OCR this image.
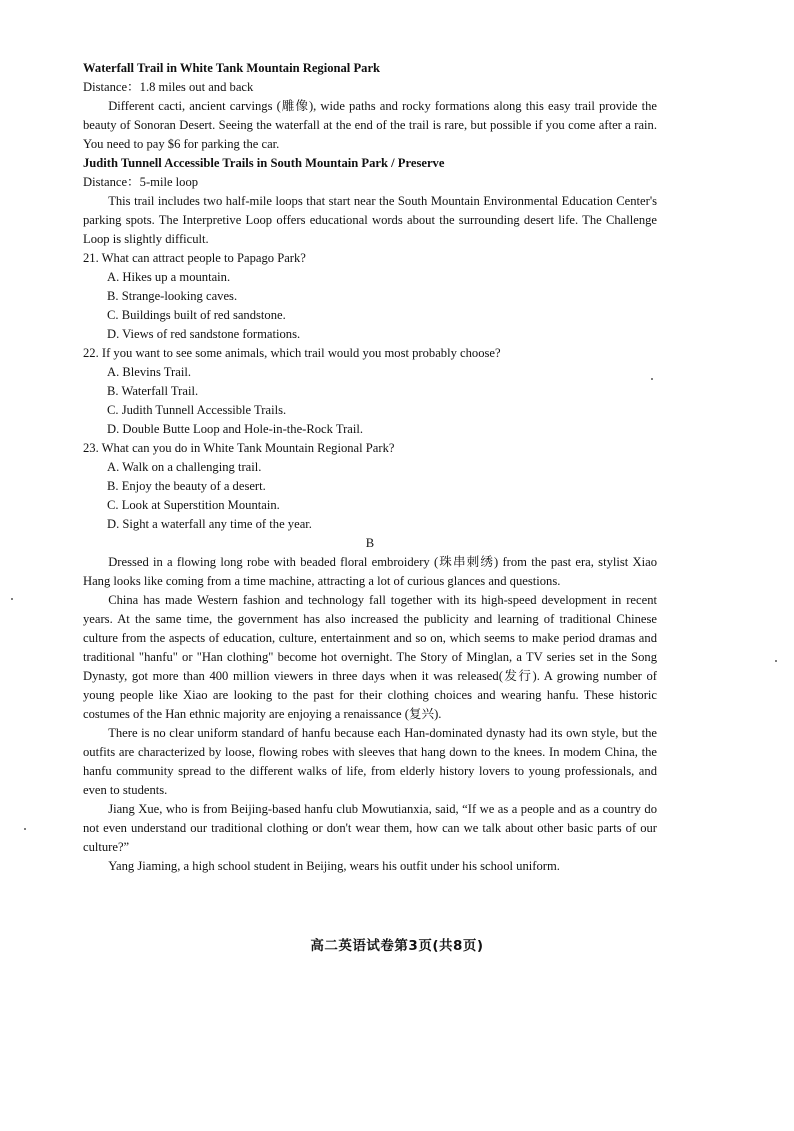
Waterfall Trail in White Tank Mountain Regional Park

Distance：1.8 miles out and back

Different cacti, ancient carvings (雕像), wide paths and rocky formations along this easy trail provide the beauty of Sonoran Desert. Seeing the waterfall at the end of the trail is rare, but possible if you come after a rain. You need to pay $6 for parking the car.

Judith Tunnell Accessible Trails in South Mountain Park / Preserve

Distance：5-mile loop

This trail includes two half-mile loops that start near the South Mountain Environmental Education Center's parking spots. The Interpretive Loop offers educational words about the surrounding desert life. The Challenge Loop is slightly difficult.

21. What can attract people to Papago Park?

A. Hikes up a mountain.
B. Strange-looking caves.
C. Buildings built of red sandstone.
D. Views of red sandstone formations.

22. If you want to see some animals, which trail would you most probably choose?

A. Blevins Trail.
B. Waterfall Trail.
C. Judith Tunnell Accessible Trails.
D. Double Butte Loop and Hole-in-the-Rock Trail.

23. What can you do in White Tank Mountain Regional Park?

A. Walk on a challenging trail.
B. Enjoy the beauty of a desert.
C. Look at Superstition Mountain.
D. Sight a waterfall any time of the year.

B

Dressed in a flowing long robe with beaded floral embroidery (珠串刺绣) from the past era, stylist Xiao Hang looks like coming from a time machine, attracting a lot of curious glances and questions.

China has made Western fashion and technology fall together with its high-speed development in recent years. At the same time, the government has also increased the publicity and learning of traditional Chinese culture from the aspects of education, culture, entertainment and so on, which seems to make period dramas and traditional "hanfu" or "Han clothing" become hot overnight. The Story of Minglan, a TV series set in the Song Dynasty, got more than 400 million viewers in three days when it was released(发行). A growing number of young people like Xiao are looking to the past for their clothing choices and wearing hanfu. These historic costumes of the Han ethnic majority are enjoying a renaissance (复兴).

There is no clear uniform standard of hanfu because each Han-dominated dynasty had its own style, but the outfits are characterized by loose, flowing robes with sleeves that hang down to the knees. In modem China, the hanfu community spread to the different walks of life, from elderly history lovers to young professionals, and even to students.

Jiang Xue, who is from Beijing-based hanfu club Mowutianxia, said, “If we as a people and as a country do not even understand our traditional clothing or don't wear them, how can we talk about other basic parts of our culture?”

Yang Jiaming, a high school student in Beijing, wears his outfit under his school uniform.

高二英语试卷第3页(共8页)
